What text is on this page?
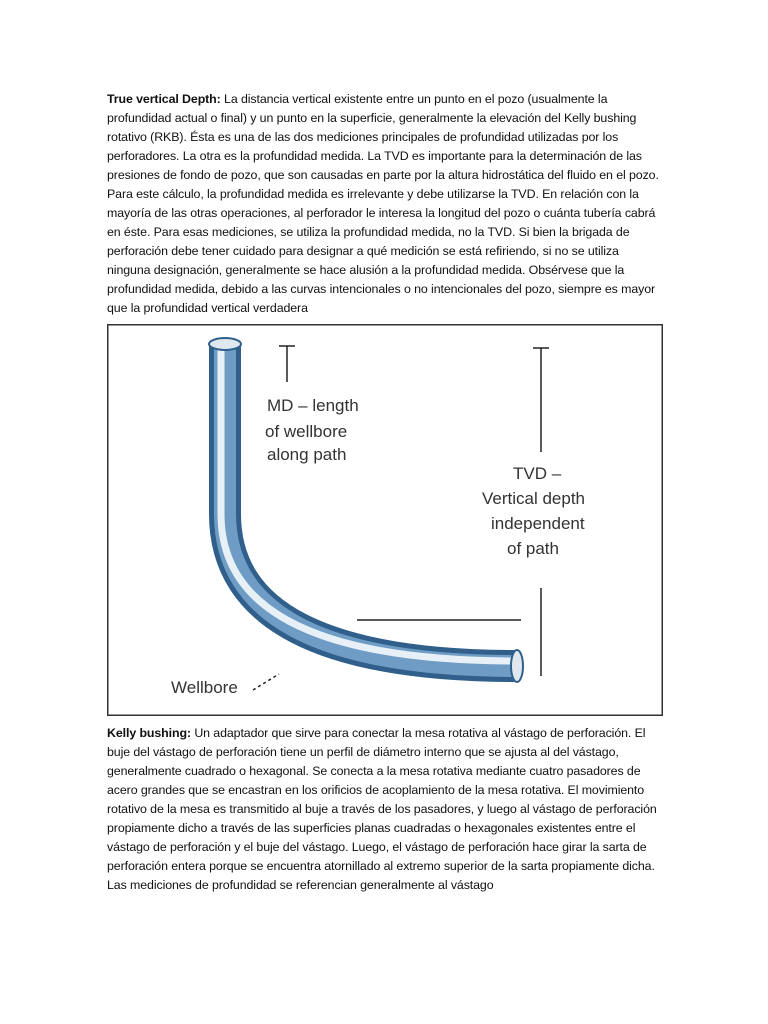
True vertical Depth: La distancia vertical existente entre un punto en el pozo (usualmente la profundidad actual o final) y un punto en la superficie, generalmente la elevación del Kelly bushing rotativo (RKB). Ésta es una de las dos mediciones principales de profundidad utilizadas por los perforadores. La otra es la profundidad medida. La TVD es importante para la determinación de las presiones de fondo de pozo, que son causadas en parte por la altura hidrostática del fluido en el pozo. Para este cálculo, la profundidad medida es irrelevante y debe utilizarse la TVD. En relación con la mayoría de las otras operaciones, al perforador le interesa la longitud del pozo o cuánta tubería cabrá en éste. Para esas mediciones, se utiliza la profundidad medida, no la TVD. Si bien la brigada de perforación debe tener cuidado para designar a qué medición se está refiriendo, si no se utiliza ninguna designación, generalmente se hace alusión a la profundidad medida. Obsérvese que la profundidad medida, debido a las curvas intencionales o no intencionales del pozo, siempre es mayor que la profundidad vertical verdadera

MD – length of wellbore along path
TVD – Vertical depth independent of path
Wellbore

Kelly bushing: Un adaptador que sirve para conectar la mesa rotativa al vástago de perforación. El buje del vástago de perforación tiene un perfil de diámetro interno que se ajusta al del vástago, generalmente cuadrado o hexagonal. Se conecta a la mesa rotativa mediante cuatro pasadores de acero grandes que se encastran en los orificios de acoplamiento de la mesa rotativa. El movimiento rotativo de la mesa es transmitido al buje a través de los pasadores, y luego al vástago de perforación propiamente dicho a través de las superficies planas cuadradas o hexagonales existentes entre el vástago de perforación y el buje del vástago. Luego, el vástago de perforación hace girar la sarta de perforación entera porque se encuentra atornillado al extremo superior de la sarta propiamente dicha. Las mediciones de profundidad se referencian generalmente al vástago
